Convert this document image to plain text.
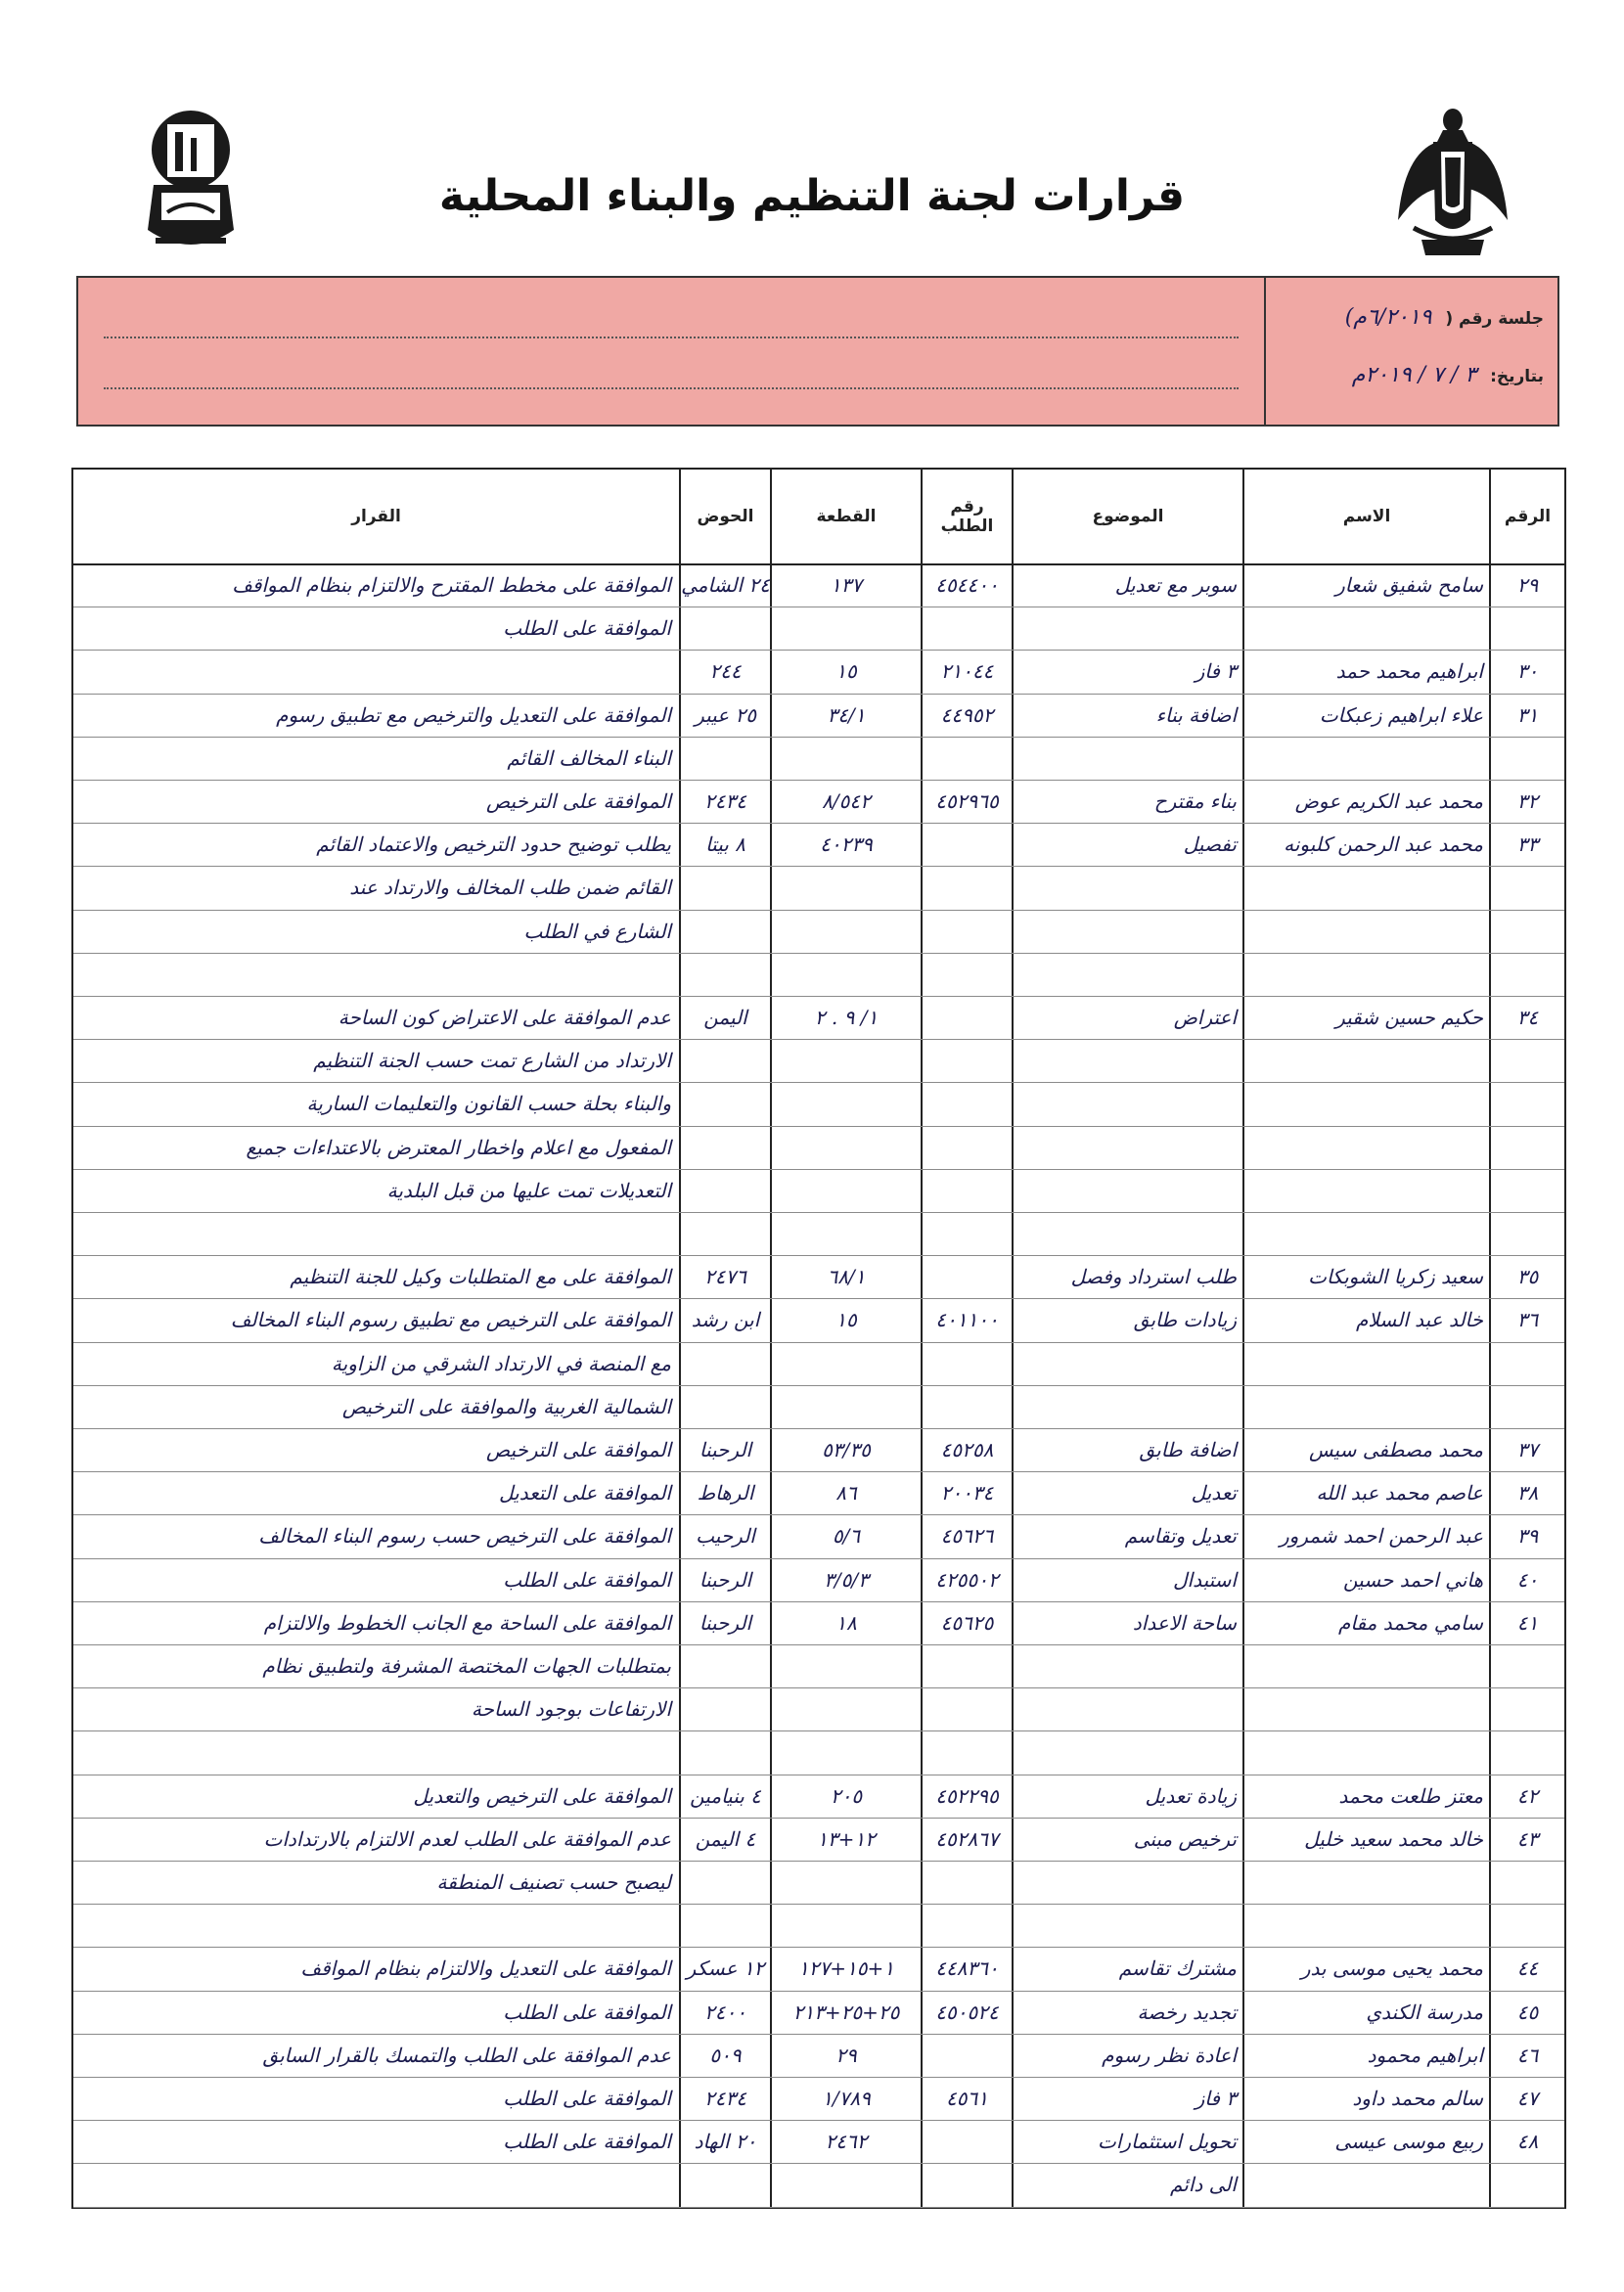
قرارات لجنة التنظيم والبناء المحلية
جلسة رقم ( ٦/٢٠١٩م)
بتاريخ: ٣ / ٧ / ٢٠١٩م
الرقم
الاسم
الموضوع
رقم الطلب
القطعة
الحوض
القرار
٢٩
سامح شفيق شعار
سوبر مع تعديل
٤٥٤٤٠٠
١٣٧
٢٤ الشامي
الموافقة على مخطط المقترح والالتزام بنظام المواقف
الموافقة على الطلب
٣٠
ابراهيم محمد حمد
٣ فاز
٢١٠٤٤
١٥
٢٤٤
٣١
علاء ابراهيم زعبكات
اضافة بناء
٤٤٩٥٢
٣٤/١
٢٥ عيبر
الموافقة على التعديل والترخيص مع تطبيق رسوم
البناء المخالف القائم
٣٢
محمد عبد الكريم عوض
بناء مقترح
٤٥٢٩٦٥
٨/٥٤٢
٢٤٣٤
الموافقة على الترخيص
٣٣
محمد عبد الرحمن كلبونه
تفصيل
٤٠٢٣٩
٨ بيتا
يطلب توضيح حدود الترخيص والاعتماد القائم
القائم ضمن طلب المخالف والارتداد عند
الشارع في الطلب
٣٤
حكيم حسين شقير
اعتراض
١/ ٩ . ٢
اليمن
عدم الموافقة على الاعتراض كون الساحة
الارتداد من الشارع تمت حسب الجنة التنظيم
والبناء بحلة حسب القانون والتعليمات السارية
المفعول مع اعلام واخطار المعترض بالاعتداءات جميع
التعديلات تمت عليها من قبل البلدية
٣٥
سعيد زكريا الشوبكات
طلب استرداد وفصل
٦٨/١
٢٤٧٦
الموافقة على مع المتطلبات وكيل للجنة التنظيم
٣٦
خالد عبد السلام
زيادات طابق
٤٠١١٠٠
١٥
ابن رشد
الموافقة على الترخيص مع تطبيق رسوم البناء المخالف
مع المنصة في الارتداد الشرقي من الزاوية
الشمالية الغربية والموافقة على الترخيص
٣٧
محمد مصطفى سيس
اضافة طابق
٤٥٢٥٨
٥٣/٣٥
الرحبنا
الموافقة على الترخيص
٣٨
عاصم محمد عبد الله
تعديل
٢٠٠٣٤
٨٦
الرهاط
الموافقة على التعديل
٣٩
عبد الرحمن احمد شمرور
تعديل وتقاسم
٤٥٦٢٦
٥/٦
الرحيب
الموافقة على الترخيص حسب رسوم البناء المخالف
٤٠
هاني احمد حسين
استبدال
٤٢٥٥٠٢
٣/٥/٣
الرحبنا
الموافقة على الطلب
٤١
سامي محمد مقام
ساحة الاعداد
٤٥٦٢٥
١٨
الرحبنا
الموافقة على الساحة مع الجانب الخطوط والالتزام
بمتطلبات الجهات المختصة المشرفة ولتطبيق نظام
الارتفاعات بوجود الساحة
٤٢
معتز طلعت محمد
زيادة تعديل
٤٥٢٢٩٥
٢٠٥
٤ بنيامين
الموافقة على الترخيص والتعديل
٤٣
خالد محمد سعيد خليل
ترخيص مبنى
٤٥٢٨٦٧
١٢+١٣
٤ اليمن
عدم الموافقة على الطلب لعدم الالتزام بالارتدادات
ليصبح حسب تصنيف المنطقة
٤٤
محمد يحيى موسى بدر
مشترك تقاسم
٤٤٨٣٦٠
١+١٥+١٢٧
١٢ عسكر
الموافقة على التعديل والالتزام بنظام المواقف
٤٥
مدرسة الكندي
تجديد رخصة
٤٥٠٥٢٤
٢٥+٢٥+٢١٣
٢٤٠٠
الموافقة على الطلب
٤٦
ابراهيم محمود
اعادة نظر رسوم
٢٩
٥٠٩
عدم الموافقة على الطلب والتمسك بالقرار السابق
٤٧
سالم محمد داود
٣ فاز
٤٥٦١
١/٧٨٩
٢٤٣٤
الموافقة على الطلب
٤٨
ربيع موسى عيسى
تحويل استثمارات
٢٤٦٢
٢٠ الهاد
الموافقة على الطلب
الى دائم
